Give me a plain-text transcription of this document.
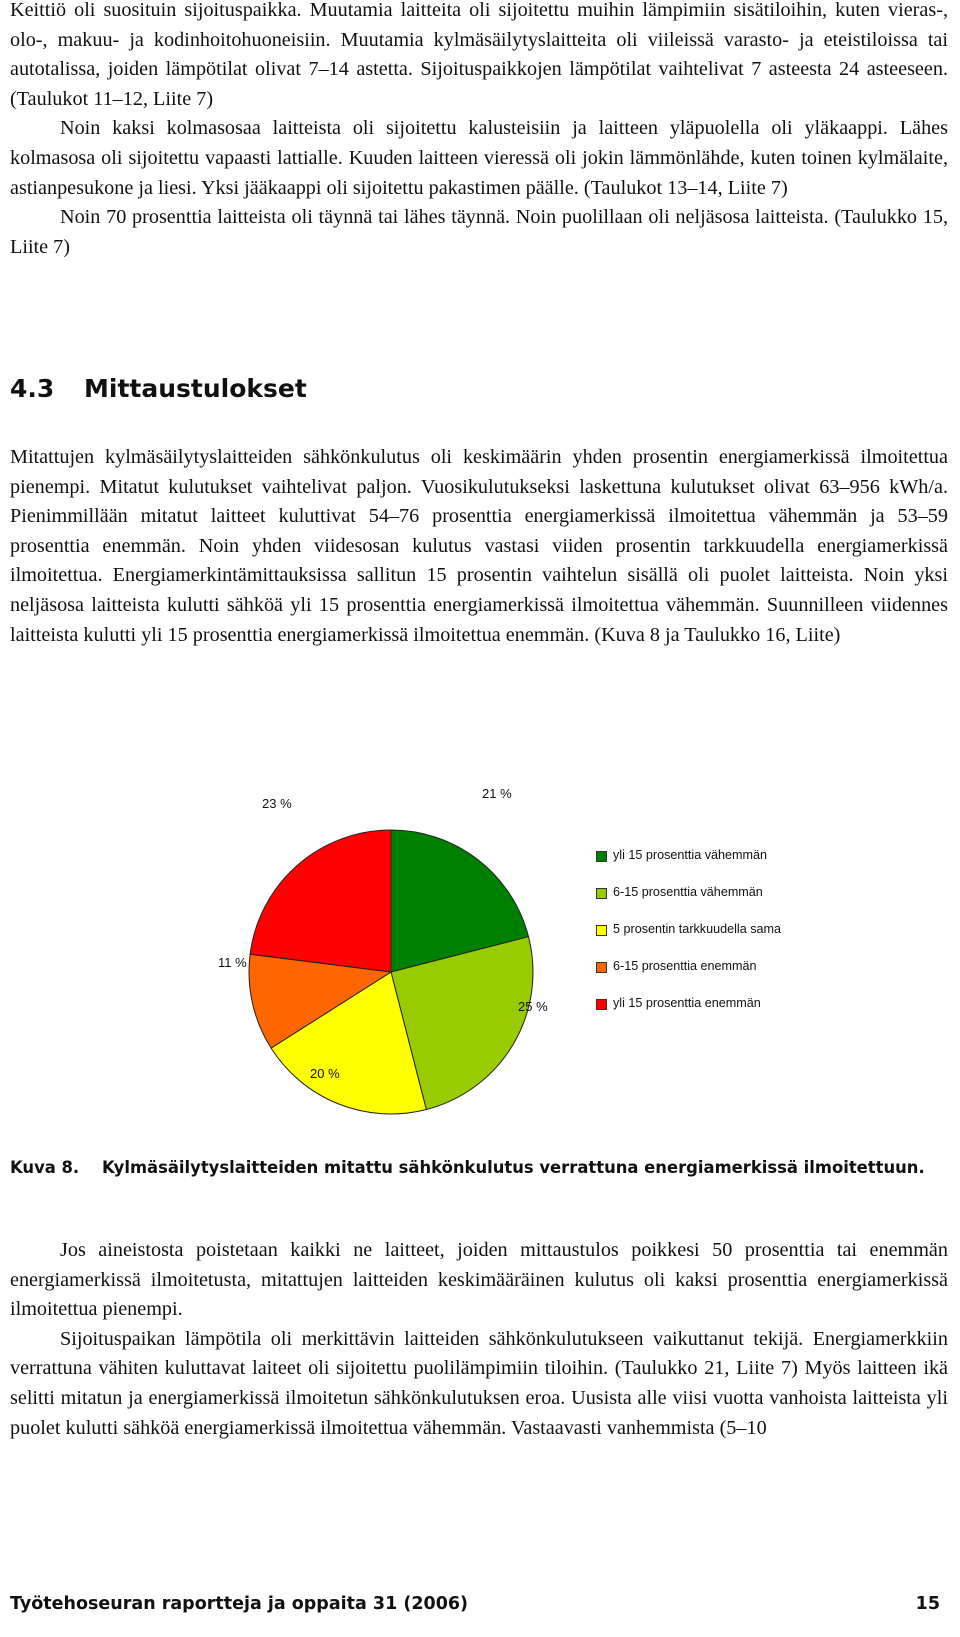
Keittiö oli suosituin sijoituspaikka. Muutamia laitteita oli sijoitettu muihin lämpimiin sisätiloihin, kuten vieras-, olo-, makuu- ja kodinhoitohuoneisiin. Muutamia kylmäsäilytyslaitteita oli viileissä varasto- ja eteistiloissa tai autotalissa, joiden lämpötilat olivat 7–14 astetta. Sijoituspaikkojen lämpötilat vaihtelivat 7 asteesta 24 asteeseen. (Taulukot 11–12, Liite 7)

Noin kaksi kolmasosaa laitteista oli sijoitettu kalusteisiin ja laitteen yläpuolella oli yläkaappi. Lähes kolmasosa oli sijoitettu vapaasti lattialle. Kuuden laitteen vieressä oli jokin lämmönlähde, kuten toinen kylmälaite, astianpesukone ja liesi. Yksi jääkaappi oli sijoitettu pakastimen päälle. (Taulukot 13–14, Liite 7)

Noin 70 prosenttia laitteista oli täynnä tai lähes täynnä. Noin puolillaan oli neljäsosa laitteista. (Taulukko 15, Liite 7)

4.3 Mittaustulokset

Mitattujen kylmäsäilytyslaitteiden sähkönkulutus oli keskimäärin yhden prosentin energiamerkissä ilmoitettua pienempi. Mitatut kulutukset vaihtelivat paljon. Vuosikulutukseksi laskettuna kulutukset olivat 63–956 kWh/a. Pienimmillään mitatut laitteet kuluttivat 54–76 prosenttia energiamerkissä ilmoitettua vähemmän ja 53–59 prosenttia enemmän. Noin yhden viidesosan kulutus vastasi viiden prosentin tarkkuudella energiamerkissä ilmoitettua. Energiamerkintämittauksissa sallitun 15 prosentin vaihtelun sisällä oli puolet laitteista. Noin yksi neljäsosa laitteista kulutti sähköä yli 15 prosenttia energiamerkissä ilmoitettua vähemmän. Suunnilleen viidennes laitteista kulutti yli 15 prosenttia energiamerkissä ilmoitettua enemmän. (Kuva 8 ja Taulukko 16, Liite)

21 %
25 %
20 %
11 %
23 %
yli 15 prosenttia vähemmän
6-15 prosenttia vähemmän
5 prosentin tarkkuudella sama
6-15 prosenttia enemmän
yli 15 prosenttia enemmän

Kuva 8. Kylmäsäilytyslaitteiden mitattu sähkönkulutus verrattuna energiamerkissä ilmoitettuun.

Jos aineistosta poistetaan kaikki ne laitteet, joiden mittaustulos poikkesi 50 prosenttia tai enemmän energiamerkissä ilmoitetusta, mitattujen laitteiden keskimääräinen kulutus oli kaksi prosenttia energiamerkissä ilmoitettua pienempi.

Sijoituspaikan lämpötila oli merkittävin laitteiden sähkönkulutukseen vaikuttanut tekijä. Energiamerkkiin verrattuna vähiten kuluttavat laiteet oli sijoitettu puolilämpimiin tiloihin. (Taulukko 21, Liite 7) Myös laitteen ikä selitti mitatun ja energiamerkissä ilmoitetun sähkönkulutuksen eroa. Uusista alle viisi vuotta vanhoista laitteista yli puolet kulutti sähköä energiamerkissä ilmoitettua vähemmän. Vastaavasti vanhemmista (5–10

Työtehoseuran raportteja ja oppaita 31 (2006)	15
